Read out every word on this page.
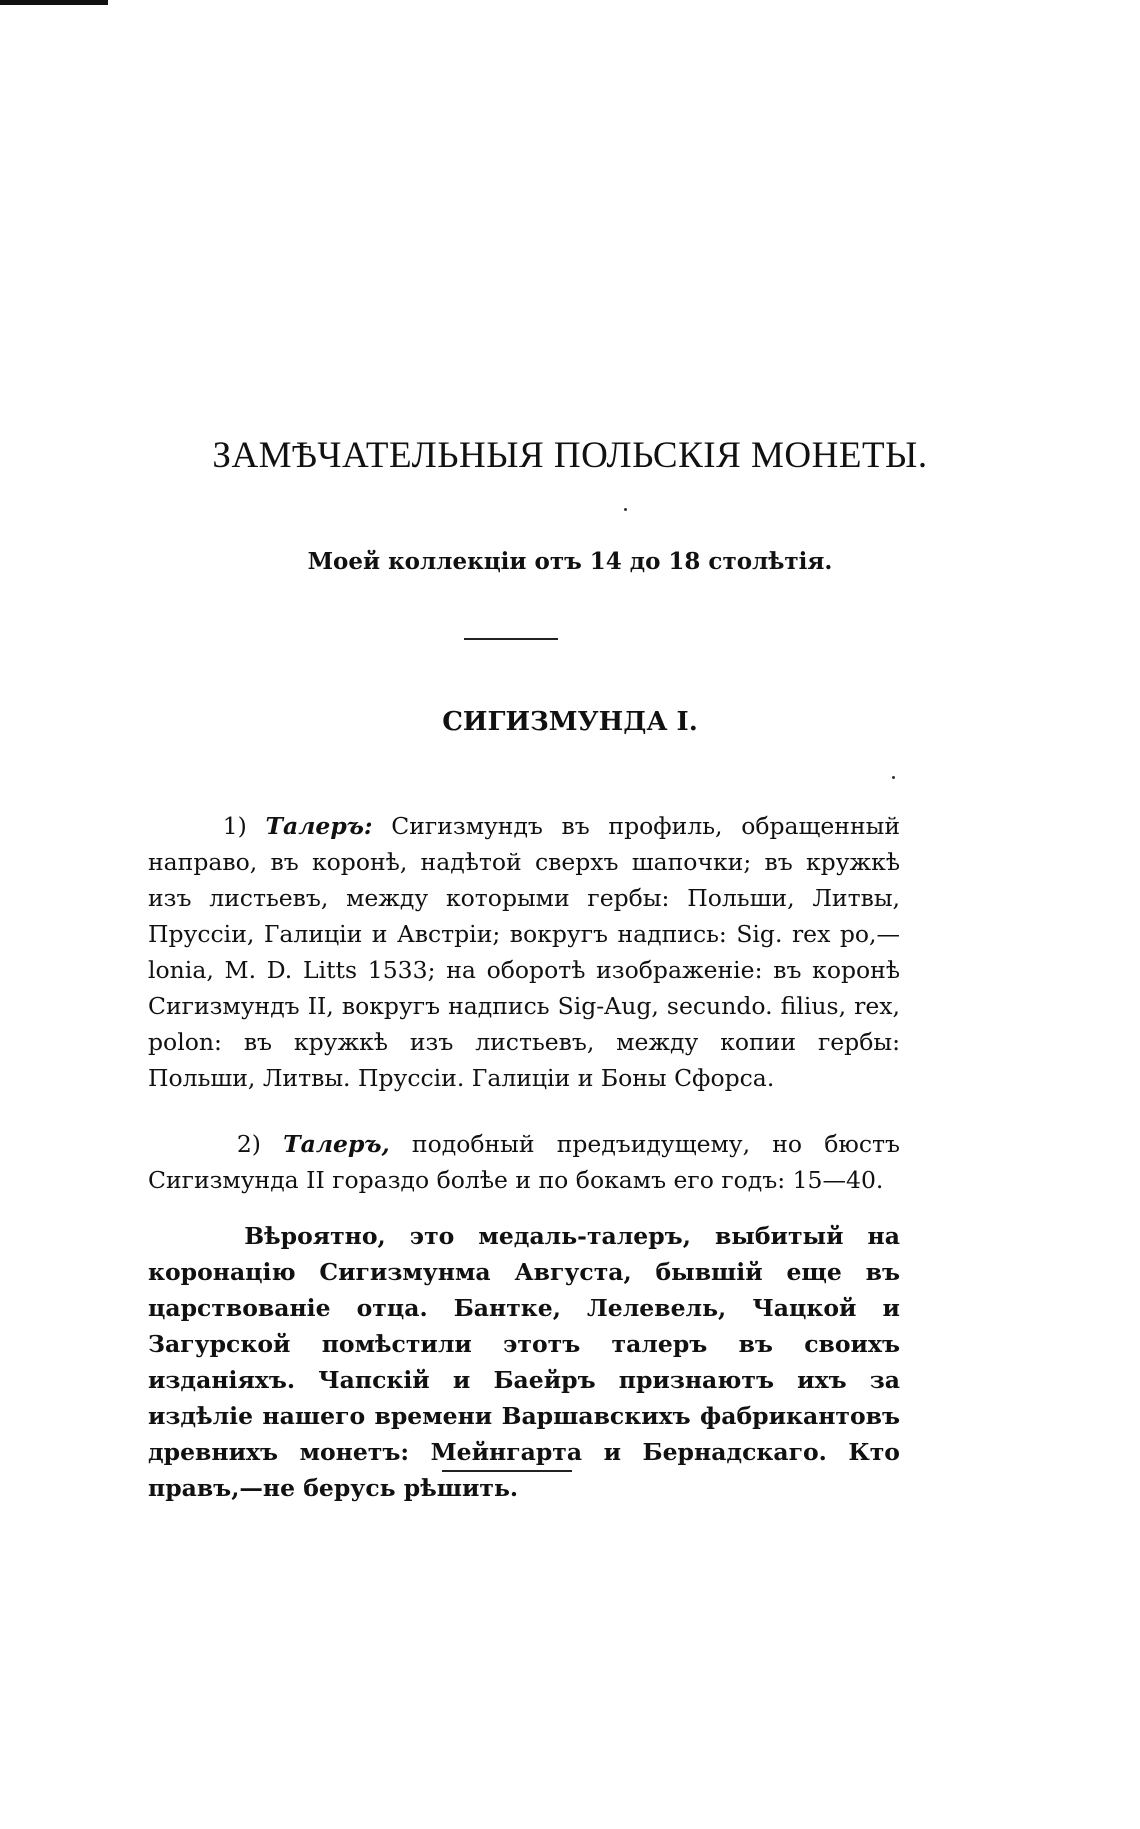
ЗАМѢЧАТЕЛЬНЫЯ ПОЛЬСКІЯ МОНЕТЫ.
Моей коллекціи отъ 14 до 18 столѣтія.
СИГИЗМУНДА I.

1) Талеръ: Сигизмундъ въ профиль, обращенный направо, въ коронѣ, надѣтой сверхъ шапочки; въ кружкѣ изъ листьевъ, между которыми гербы: Польши, Литвы, Пруссіи, Галиціи и Австріи; вокругъ надпись: Sig. rex po,—lonia, M. D. Litts 1533; на оборотѣ изображеніе: въ коронѣ Сигизмундъ II, вокругъ надпись Sig-Aug, secundo. filius, rex, polon: въ кружкѣ изъ листьевъ, между копии гербы: Польши, Литвы. Пруссіи. Галиціи и Боны Сфорса.

2) Талеръ, подобный предъидущему, но бюстъ Сигизмунда II гораздо болѣе и по бокамъ его годъ: 15—40.

Вѣроятно, это медаль-талеръ, выбитый на коронацію Сигизмунма Августа, бывшій еще въ царствованіе отца. Бантке, Лелевель, Чацкой и Загурской помѣстили этотъ талеръ въ своихъ изданіяхъ. Чапскій и Баейръ признаютъ ихъ за издѣліе нашего времени Варшавскихъ фабрикантовъ древнихъ монетъ: Мейнгарта и Бернадскаго. Кто правъ,—не берусь рѣшить.
